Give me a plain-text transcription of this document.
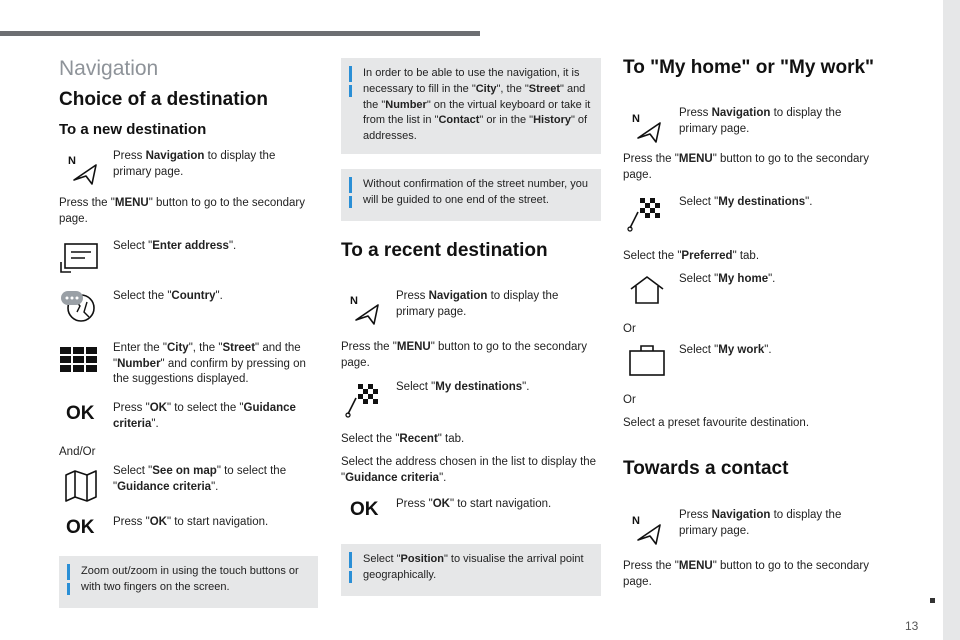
Navigation
Choice of a destination
To a new destination
N	Press Navigation to display the primary page.
Press the "MENU" button to go to the secondary page.
Select "Enter address".
Select the "Country".
Enter the "City", the "Street" and the "Number" and confirm by pressing on the suggestions displayed.
OK Press "OK" to select the "Guidance criteria".
And/Or
Select "See on map" to select the "Guidance criteria".
OK Press "OK" to start navigation.
Zoom out/zoom in using the touch buttons or with two fingers on the screen.
In order to be able to use the navigation, it is necessary to fill in the "City", the "Street" and the "Number" on the virtual keyboard or take it from the list in "Contact" or in the "History" of addresses.
Without confirmation of the street number, you will be guided to one end of the street.
To a recent destination
N	Press Navigation to display the primary page.
Press the "MENU" button to go to the secondary page.
Select "My destinations".
Select the "Recent" tab.
Select the address chosen in the list to display the "Guidance criteria".
OK Press "OK" to start navigation.
Select "Position" to visualise the arrival point geographically.
To "My home" or "My work"
N	Press Navigation to display the primary page.
Press the "MENU" button to go to the secondary page.
Select "My destinations".
Select the "Preferred" tab.
Select "My home".
Or
Select "My work".
Or
Select a preset favourite destination.
Towards a contact
N	Press Navigation to display the primary page.
Press the "MENU" button to go to the secondary page.
13
